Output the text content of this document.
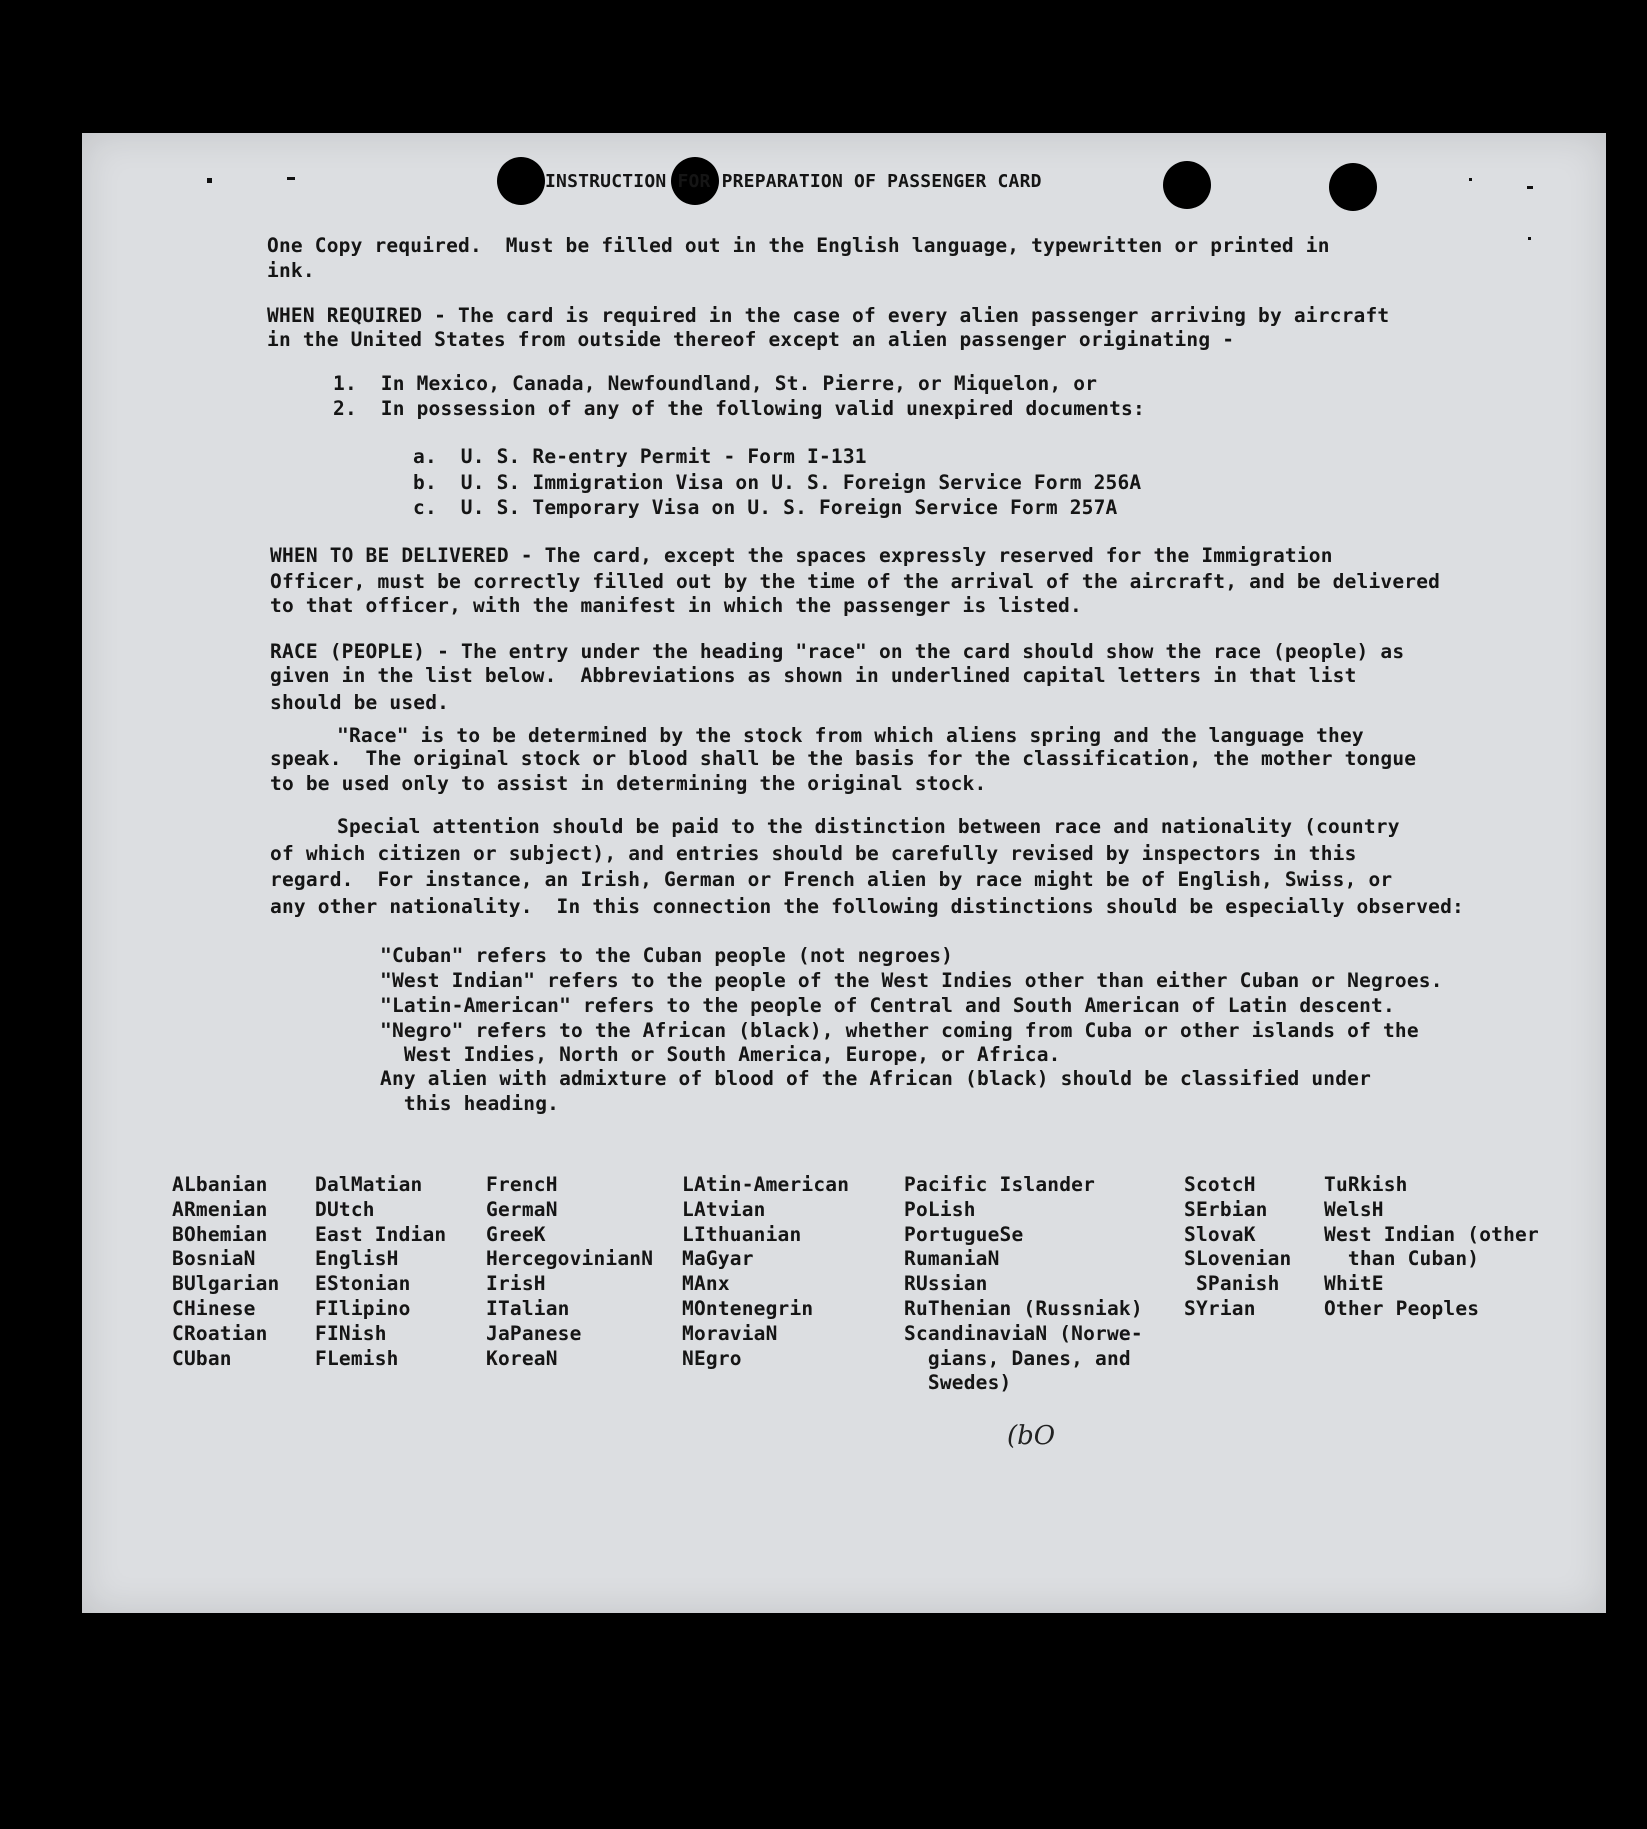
INSTRUCTION FOR PREPARATION OF PASSENGER CARD
One Copy required.  Must be filled out in the English language, typewritten or printed in
ink.
WHEN REQUIRED - The card is required in the case of every alien passenger arriving by aircraft
in the United States from outside thereof except an alien passenger originating -
1.  In Mexico, Canada, Newfoundland, St. Pierre, or Miquelon, or
2.  In possession of any of the following valid unexpired documents:
a.  U. S. Re-entry Permit - Form I-131
b.  U. S. Immigration Visa on U. S. Foreign Service Form 256A
c.  U. S. Temporary Visa on U. S. Foreign Service Form 257A
WHEN TO BE DELIVERED - The card, except the spaces expressly reserved for the Immigration
Officer, must be correctly filled out by the time of the arrival of the aircraft, and be delivered
to that officer, with the manifest in which the passenger is listed.
RACE (PEOPLE) - The entry under the heading "race" on the card should show the race (people) as
given in the list below.  Abbreviations as shown in underlined capital letters in that list
should be used.
"Race" is to be determined by the stock from which aliens spring and the language they
speak.  The original stock or blood shall be the basis for the classification, the mother tongue
to be used only to assist in determining the original stock.
Special attention should be paid to the distinction between race and nationality (country
of which citizen or subject), and entries should be carefully revised by inspectors in this
regard.  For instance, an Irish, German or French alien by race might be of English, Swiss, or
any other nationality.  In this connection the following distinctions should be especially observed:
"Cuban" refers to the Cuban people (not negroes)
"West Indian" refers to the people of the West Indies other than either Cuban or Negroes.
"Latin-American" refers to the people of Central and South American of Latin descent.
"Negro" refers to the African (black), whether coming from Cuba or other islands of the
West Indies, North or South America, Europe, or Africa.
Any alien with admixture of blood of the African (black) should be classified under
this heading.
ALbanian
ARmenian
BOhemian
BosniaN
BUlgarian
CHinese
CRoatian
CUban
DalMatian
DUtch
East Indian
EnglisH
EStonian
FIlipino
FINish
FLemish
FrencH
GermaN
GreeK
HercegovinianN
IrisH
ITalian
JaPanese
KoreaN
LAtin-American
LAtvian
LIthuanian
MaGyar
MAnx
MOntenegrin
MoraviaN
NEgro
Pacific Islander
PoLish
PortugueSe
RumaniaN
RUssian
RuThenian (Russniak)
ScandinaviaN (Norwe-
gians, Danes, and
Swedes)
ScotcH
SErbian
SlovaK
SLovenian
SPanish
SYrian
TuRkish
WelsH
West Indian (other
than Cuban)
WhitE
Other Peoples
(bO
